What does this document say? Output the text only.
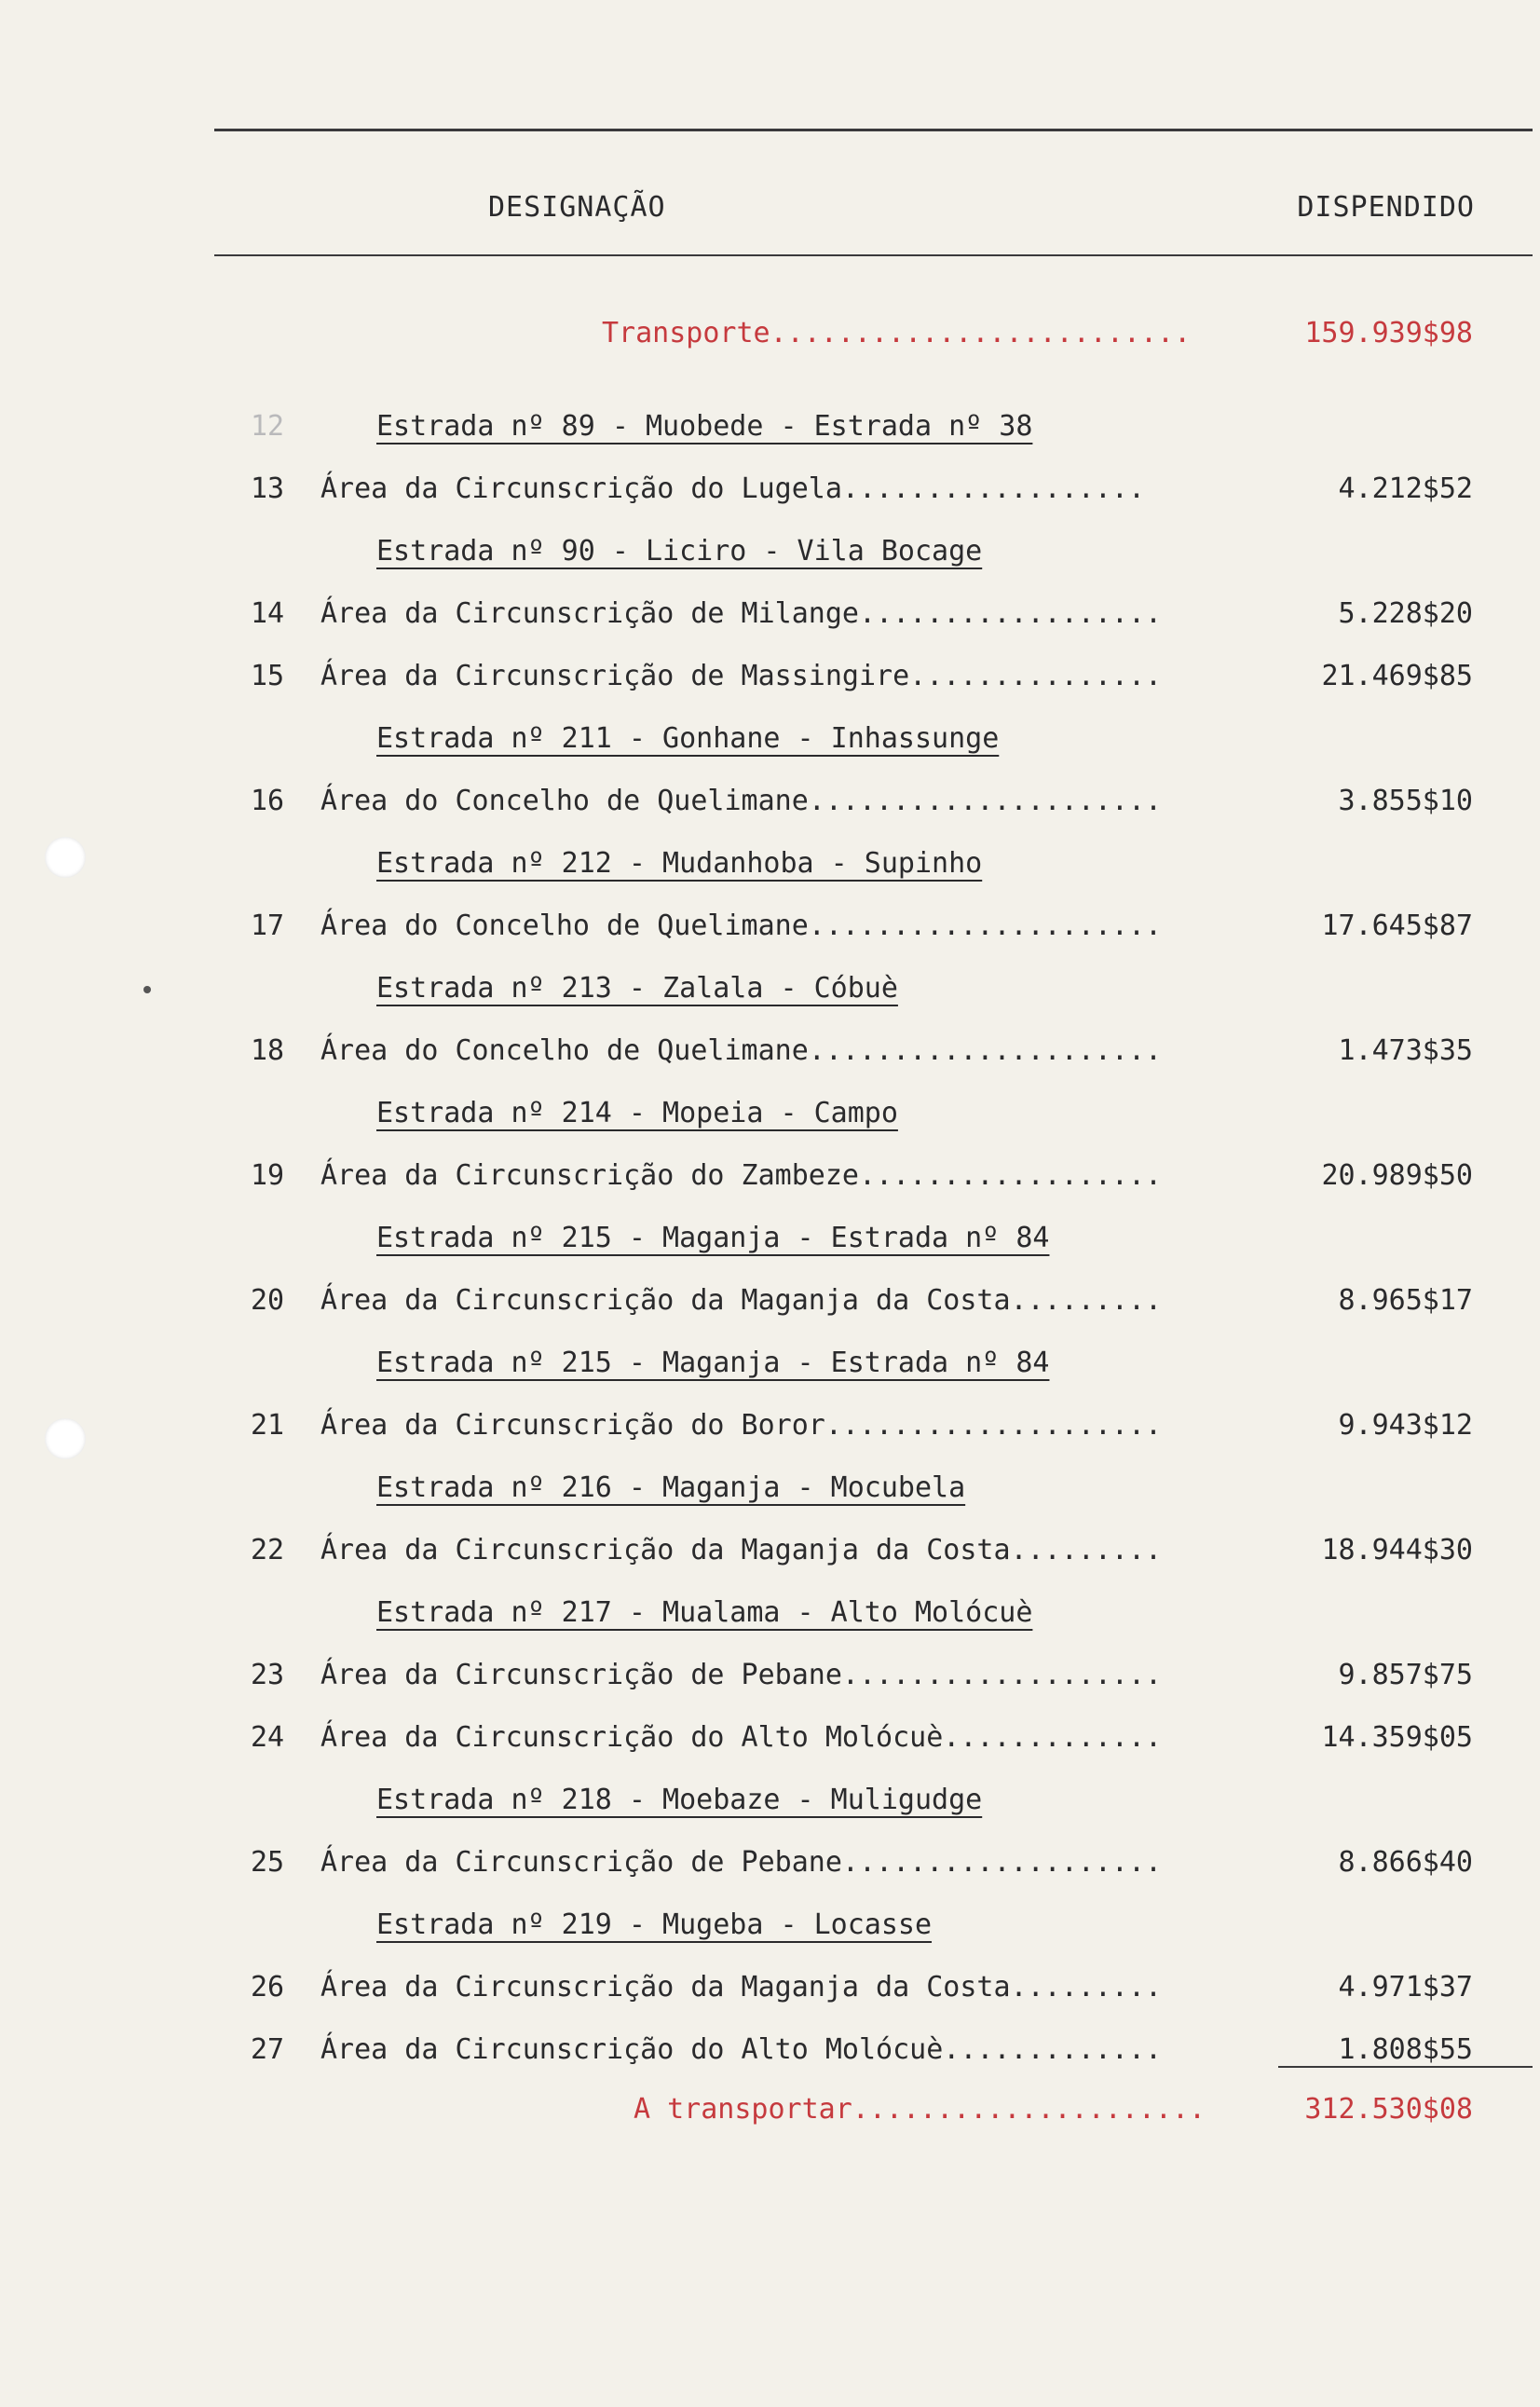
DESIGNAÇÃO	DISPENDIDO
Transporte.........................	159.939$98
12	Estrada nº 89 - Muobede - Estrada nº 38
13 Área da Circunscrição do Lugela..................	4.212$52
Estrada nº 90 - Liciro - Vila Bocage
14 Área da Circunscrição de Milange..................	5.228$20
15 Área da Circunscrição de Massingire...............	21.469$85
Estrada nº 211 - Gonhane - Inhassunge
16 Área do Concelho de Quelimane.....................	3.855$10
Estrada nº 212 - Mudanhoba - Supinho
17 Área do Concelho de Quelimane.....................	17.645$87
Estrada nº 213 - Zalala - Cóbuè
18 Área do Concelho de Quelimane.....................	1.473$35
Estrada nº 214 - Mopeia - Campo
19 Área da Circunscrição do Zambeze..................	20.989$50
Estrada nº 215 - Maganja - Estrada nº 84
20 Área da Circunscrição da Maganja da Costa.........	8.965$17
Estrada nº 215 - Maganja - Estrada nº 84
21 Área da Circunscrição do Boror....................	9.943$12
Estrada nº 216 - Maganja - Mocubela
22 Área da Circunscrição da Maganja da Costa.........	18.944$30
Estrada nº 217 - Mualama - Alto Molócuè
23 Área da Circunscrição de Pebane...................	9.857$75
24 Área da Circunscrição do Alto Molócuè.............	14.359$05
Estrada nº 218 - Moebaze - Muligudge
25 Área da Circunscrição de Pebane...................	8.866$40
Estrada nº 219 - Mugeba - Locasse
26 Área da Circunscrição da Maganja da Costa.........	4.971$37
27 Área da Circunscrição do Alto Molócuè.............	1.808$55
A transportar.....................	312.530$08
